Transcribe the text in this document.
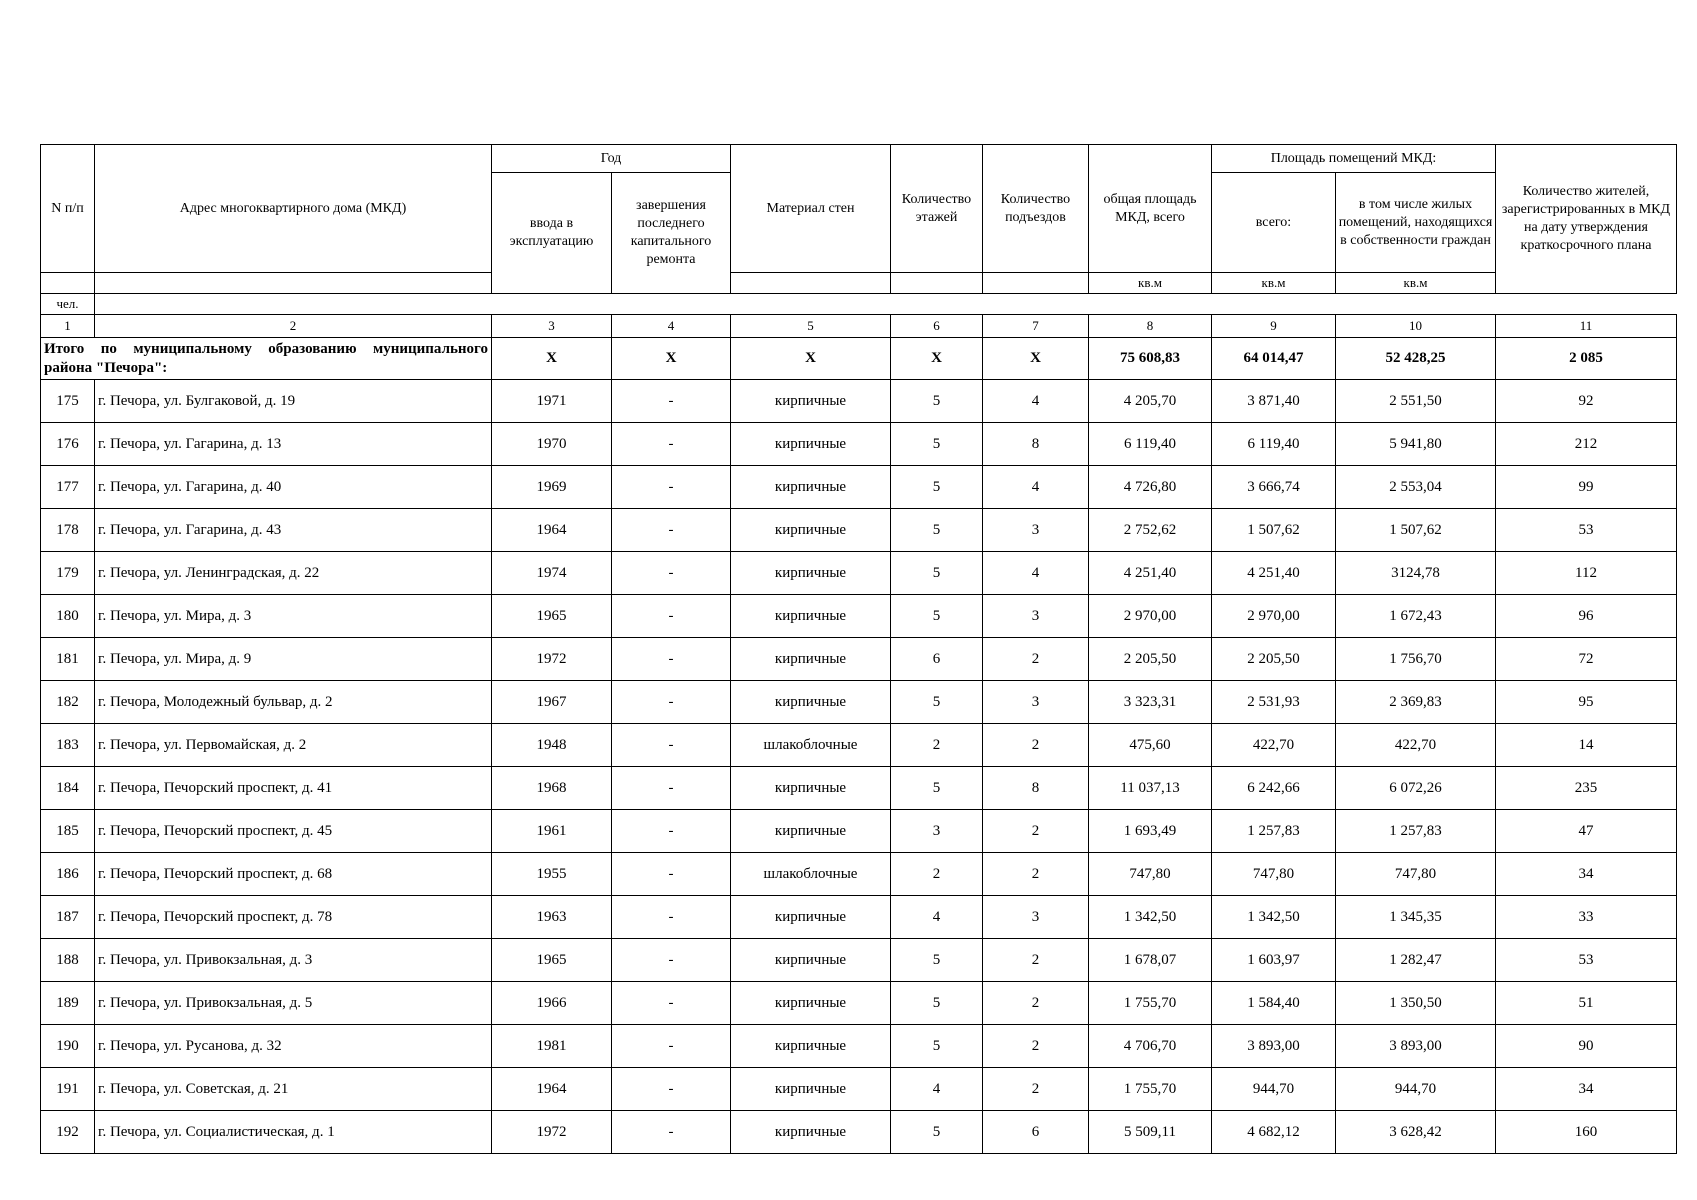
N п/п	Адрес многоквартирного дома (МКД)	Год		Материал стен	Количество этажей	Количество подъездов	общая площадь МКД, всего	Площадь помещений МКД:		Количество жителей, зарегистрированных в МКД на дату утверждения краткосрочного плана
		ввода в эксплуатацию	завершения последнего капитального ремонта					всего:	в том числе жилых помещений, находящихся в собственности граждан	
							кв.м	кв.м	кв.м	
чел.										
1	2	3	4	5	6	7	8	9	10	11
Итого по муниципальному образованию муниципального района "Печора":		X	X	X	X	X	75 608,83	64 014,47	52 428,25	2 085
175	г. Печора, ул. Булгаковой, д. 19	1971	-	кирпичные	5	4	4 205,70	3 871,40	2 551,50	92
176	г. Печора, ул. Гагарина, д. 13	1970	-	кирпичные	5	8	6 119,40	6 119,40	5 941,80	212
177	г. Печора, ул. Гагарина, д. 40	1969	-	кирпичные	5	4	4 726,80	3 666,74	2 553,04	99
178	г. Печора, ул. Гагарина, д. 43	1964	-	кирпичные	5	3	2 752,62	1 507,62	1 507,62	53
179	г. Печора, ул. Ленинградская, д. 22	1974	-	кирпичные	5	4	4 251,40	4 251,40	3124,78	112
180	г. Печора, ул. Мира, д. 3	1965	-	кирпичные	5	3	2 970,00	2 970,00	1 672,43	96
181	г. Печора, ул. Мира, д. 9	1972	-	кирпичные	6	2	2 205,50	2 205,50	1 756,70	72
182	г. Печора, Молодежный бульвар, д. 2	1967	-	кирпичные	5	3	3 323,31	2 531,93	2 369,83	95
183	г. Печора, ул. Первомайская, д. 2	1948	-	шлакоблочные	2	2	475,60	422,70	422,70	14
184	г. Печора, Печорский проспект, д. 41	1968	-	кирпичные	5	8	11 037,13	6 242,66	6 072,26	235
185	г. Печора, Печорский проспект, д. 45	1961	-	кирпичные	3	2	1 693,49	1 257,83	1 257,83	47
186	г. Печора, Печорский проспект, д. 68	1955	-	шлакоблочные	2	2	747,80	747,80	747,80	34
187	г. Печора, Печорский проспект, д. 78	1963	-	кирпичные	4	3	1 342,50	1 342,50	1 345,35	33
188	г. Печора, ул. Привокзальная, д. 3	1965	-	кирпичные	5	2	1 678,07	1 603,97	1 282,47	53
189	г. Печора, ул. Привокзальная, д. 5	1966	-	кирпичные	5	2	1 755,70	1 584,40	1 350,50	51
190	г. Печора, ул. Русанова, д. 32	1981	-	кирпичные	5	2	4 706,70	3 893,00	3 893,00	90
191	г. Печора, ул. Советская, д. 21	1964	-	кирпичные	4	2	1 755,70	944,70	944,70	34
192	г. Печора, ул. Социалистическая, д. 1	1972	-	кирпичные	5	6	5 509,11	4 682,12	3 628,42	160
